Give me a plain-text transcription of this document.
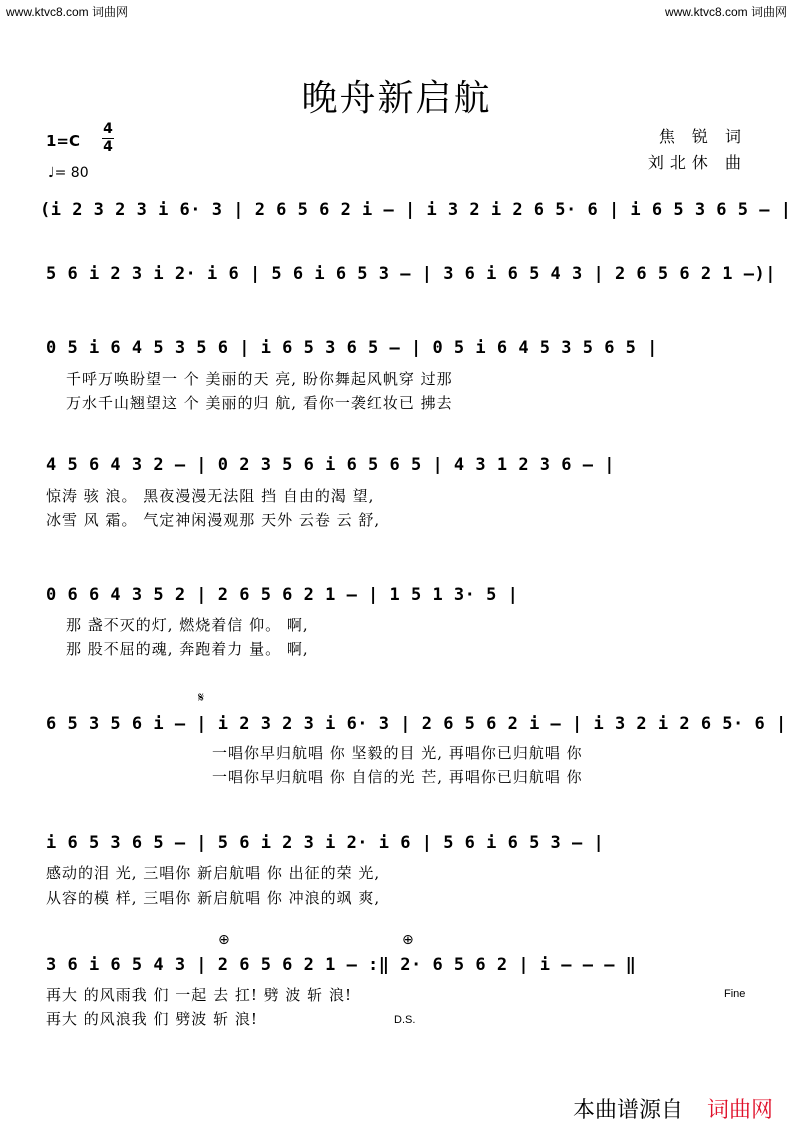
www.ktvc8.com 词曲网	www.ktvc8.com 词曲网
晚舟新启航
1=C
4
4
♩= 80
焦 锐 词
刘北休 曲
(i 2 3 2 3 i 6· 3 | 2 6 5 6 2 i – | i 3 2 i 2 6 5· 6 | i 6 5 3 6 5 – |
5 6 i 2 3 i 2· i 6 | 5 6 i 6 5 3 – | 3 6 i 6 5 4 3 | 2 6 5 6 2 1 –)|
0 5 i 6 4 5 3 5 6 | i 6 5 3 6 5 – | 0 5 i 6 4 5 3 5 6 5 |
千呼万唤盼望一 个 美丽的天 亮, 盼你舞起风帆穿 过那
万水千山翘望这 个 美丽的归 航, 看你一袭红妆已 拂去
4 5 6 4 3 2 – | 0 2 3 5 6 i 6 5 6 5 | 4 3 1 2 3 6 – |
惊涛 骇 浪。 黑夜漫漫无法阻 挡 自由的渴 望,
冰雪 风 霜。 气定神闲漫观那 天外 云卷 云 舒,
0 6 6 4 3 5 2 | 2 6 5 6 2 1 – | 1 5 1 3· 5 |
那 盏不灭的灯, 燃烧着信 仰。 啊,
那 股不屈的魂, 奔跑着力 量。 啊,
𝄋
6 5 3 5 6 i – | i 2 3 2 3 i 6· 3 | 2 6 5 6 2 i – | i 3 2 i 2 6 5· 6 |
一唱你早归航唱 你 坚毅的目 光, 再唱你已归航唱 你
一唱你早归航唱 你 自信的光 芒, 再唱你已归航唱 你
i 6 5 3 6 5 – | 5 6 i 2 3 i 2· i 6 | 5 6 i 6 5 3 – |
感动的泪 光, 三唱你 新启航唱 你 出征的荣 光,
从容的模 样, 三唱你 新启航唱 你 冲浪的飒 爽,
⊕	⊕
3 6 i 6 5 4 3 | 2 6 5 6 2 1 – :‖ 2· 6 5 6 2 | i – – – ‖
再大 的风雨我 们 一起 去 扛! 劈 波 斩 浪!
再大 的风浪我 们 劈波 斩 浪!
Fine
D.S.
本曲谱源自 词曲网
